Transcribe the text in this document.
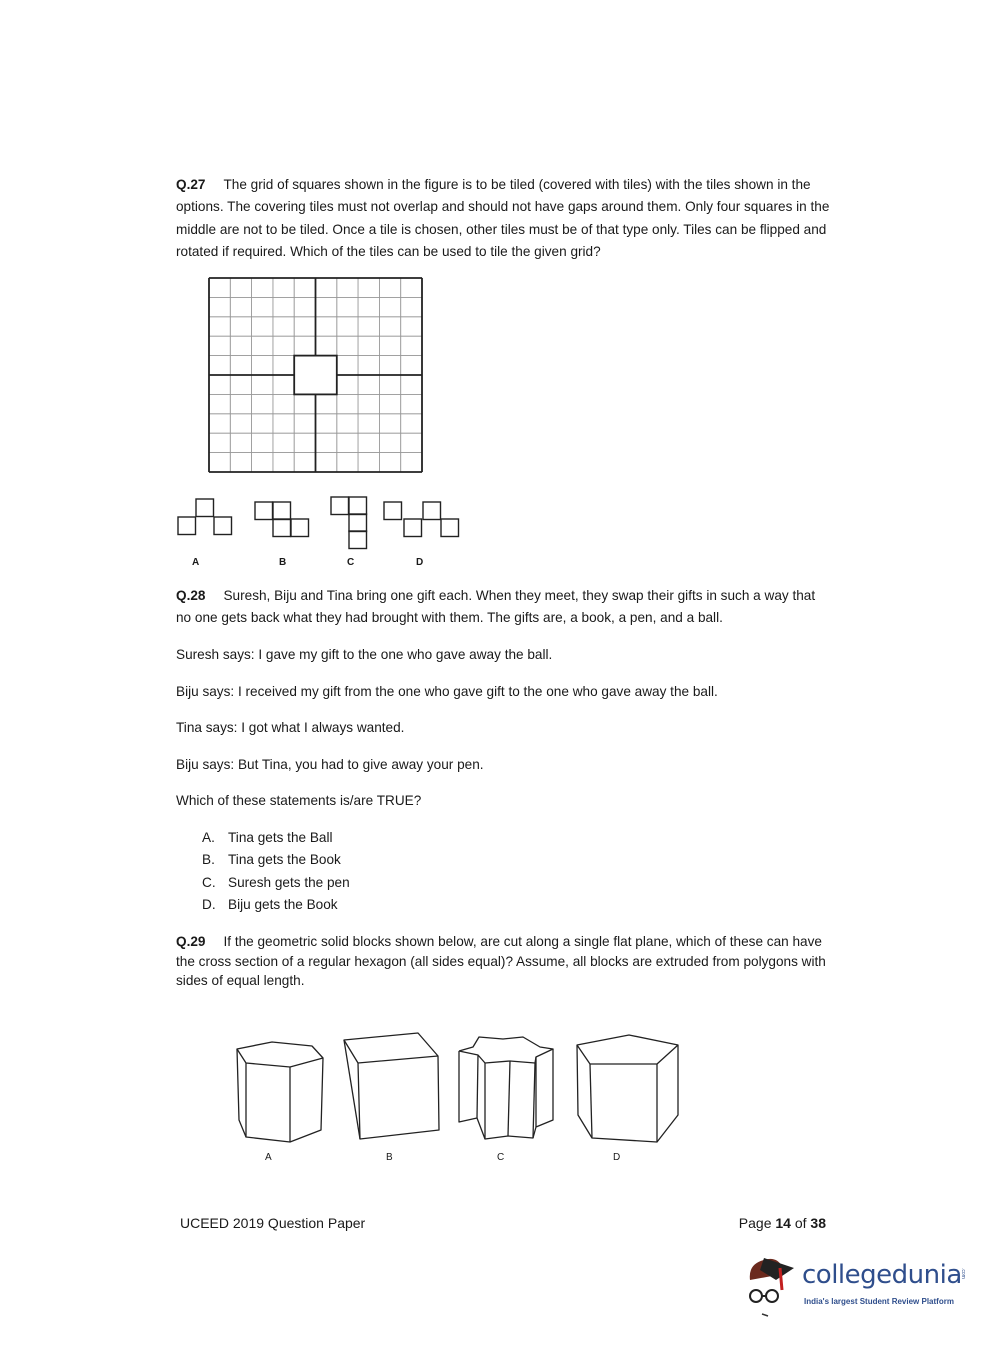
Q.27 The grid of squares shown in the figure is to be tiled (covered with tiles) with the tiles shown in the options. The covering tiles must not overlap and should not have gaps around them. Only four squares in the middle are not to be tiled. Once a tile is chosen, other tiles must be of that type only. Tiles can be flipped and rotated if required. Which of the tiles can be used to tile the given grid?
A	B	C	D
Q.28 Suresh, Biju and Tina bring one gift each. When they meet, they swap their gifts in such a way that no one gets back what they had brought with them. The gifts are, a book, a pen, and a ball.
Suresh says: I gave my gift to the one who gave away the ball.
Biju says: I received my gift from the one who gave gift to the one who gave away the ball.
Tina says: I got what I always wanted.
Biju says: But Tina, you had to give away your pen.
Which of these statements is/are TRUE?
A. Tina gets the Ball
B. Tina gets the Book
C. Suresh gets the pen
D. Biju gets the Book
Q.29 If the geometric solid blocks shown below, are cut along a single flat plane, which of these can have the cross section of a regular hexagon (all sides equal)? Assume, all blocks are extruded from polygons with sides of equal length.
A	B	C	D
UCEED 2019 Question Paper	Page 14 of 38
collegedunia
.com
India's largest Student Review Platform
